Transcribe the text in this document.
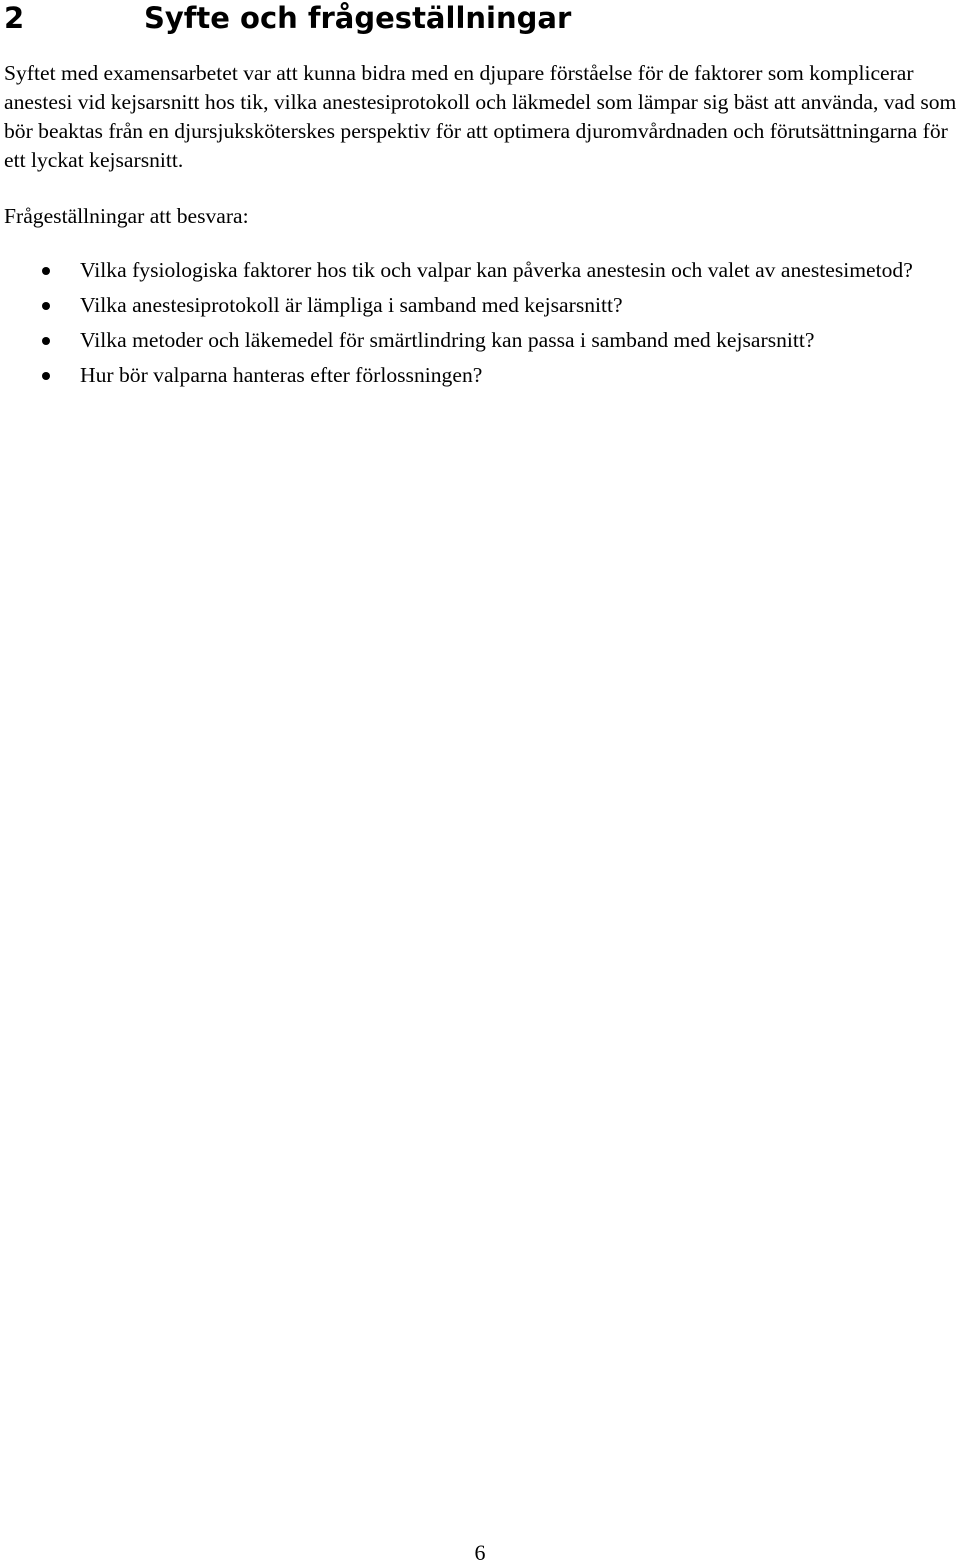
2	Syfte och frågeställningar

Syftet med examensarbetet var att kunna bidra med en djupare förståelse för de faktorer som komplicerar anestesi vid kejsarsnitt hos tik, vilka anestesiprotokoll och läkmedel som lämpar sig bäst att använda, vad som bör beaktas från en djursjuksköterskes perspektiv för att optimera djuromvårdnaden och förutsättningarna för ett lyckat kejsarsnitt.

Frågeställningar att besvara:

Vilka fysiologiska faktorer hos tik och valpar kan påverka anestesin och valet av anestesimetod?
Vilka anestesiprotokoll är lämpliga i samband med kejsarsnitt?
Vilka metoder och läkemedel för smärtlindring kan passa i samband med kejsarsnitt?
Hur bör valparna hanteras efter förlossningen?
6
